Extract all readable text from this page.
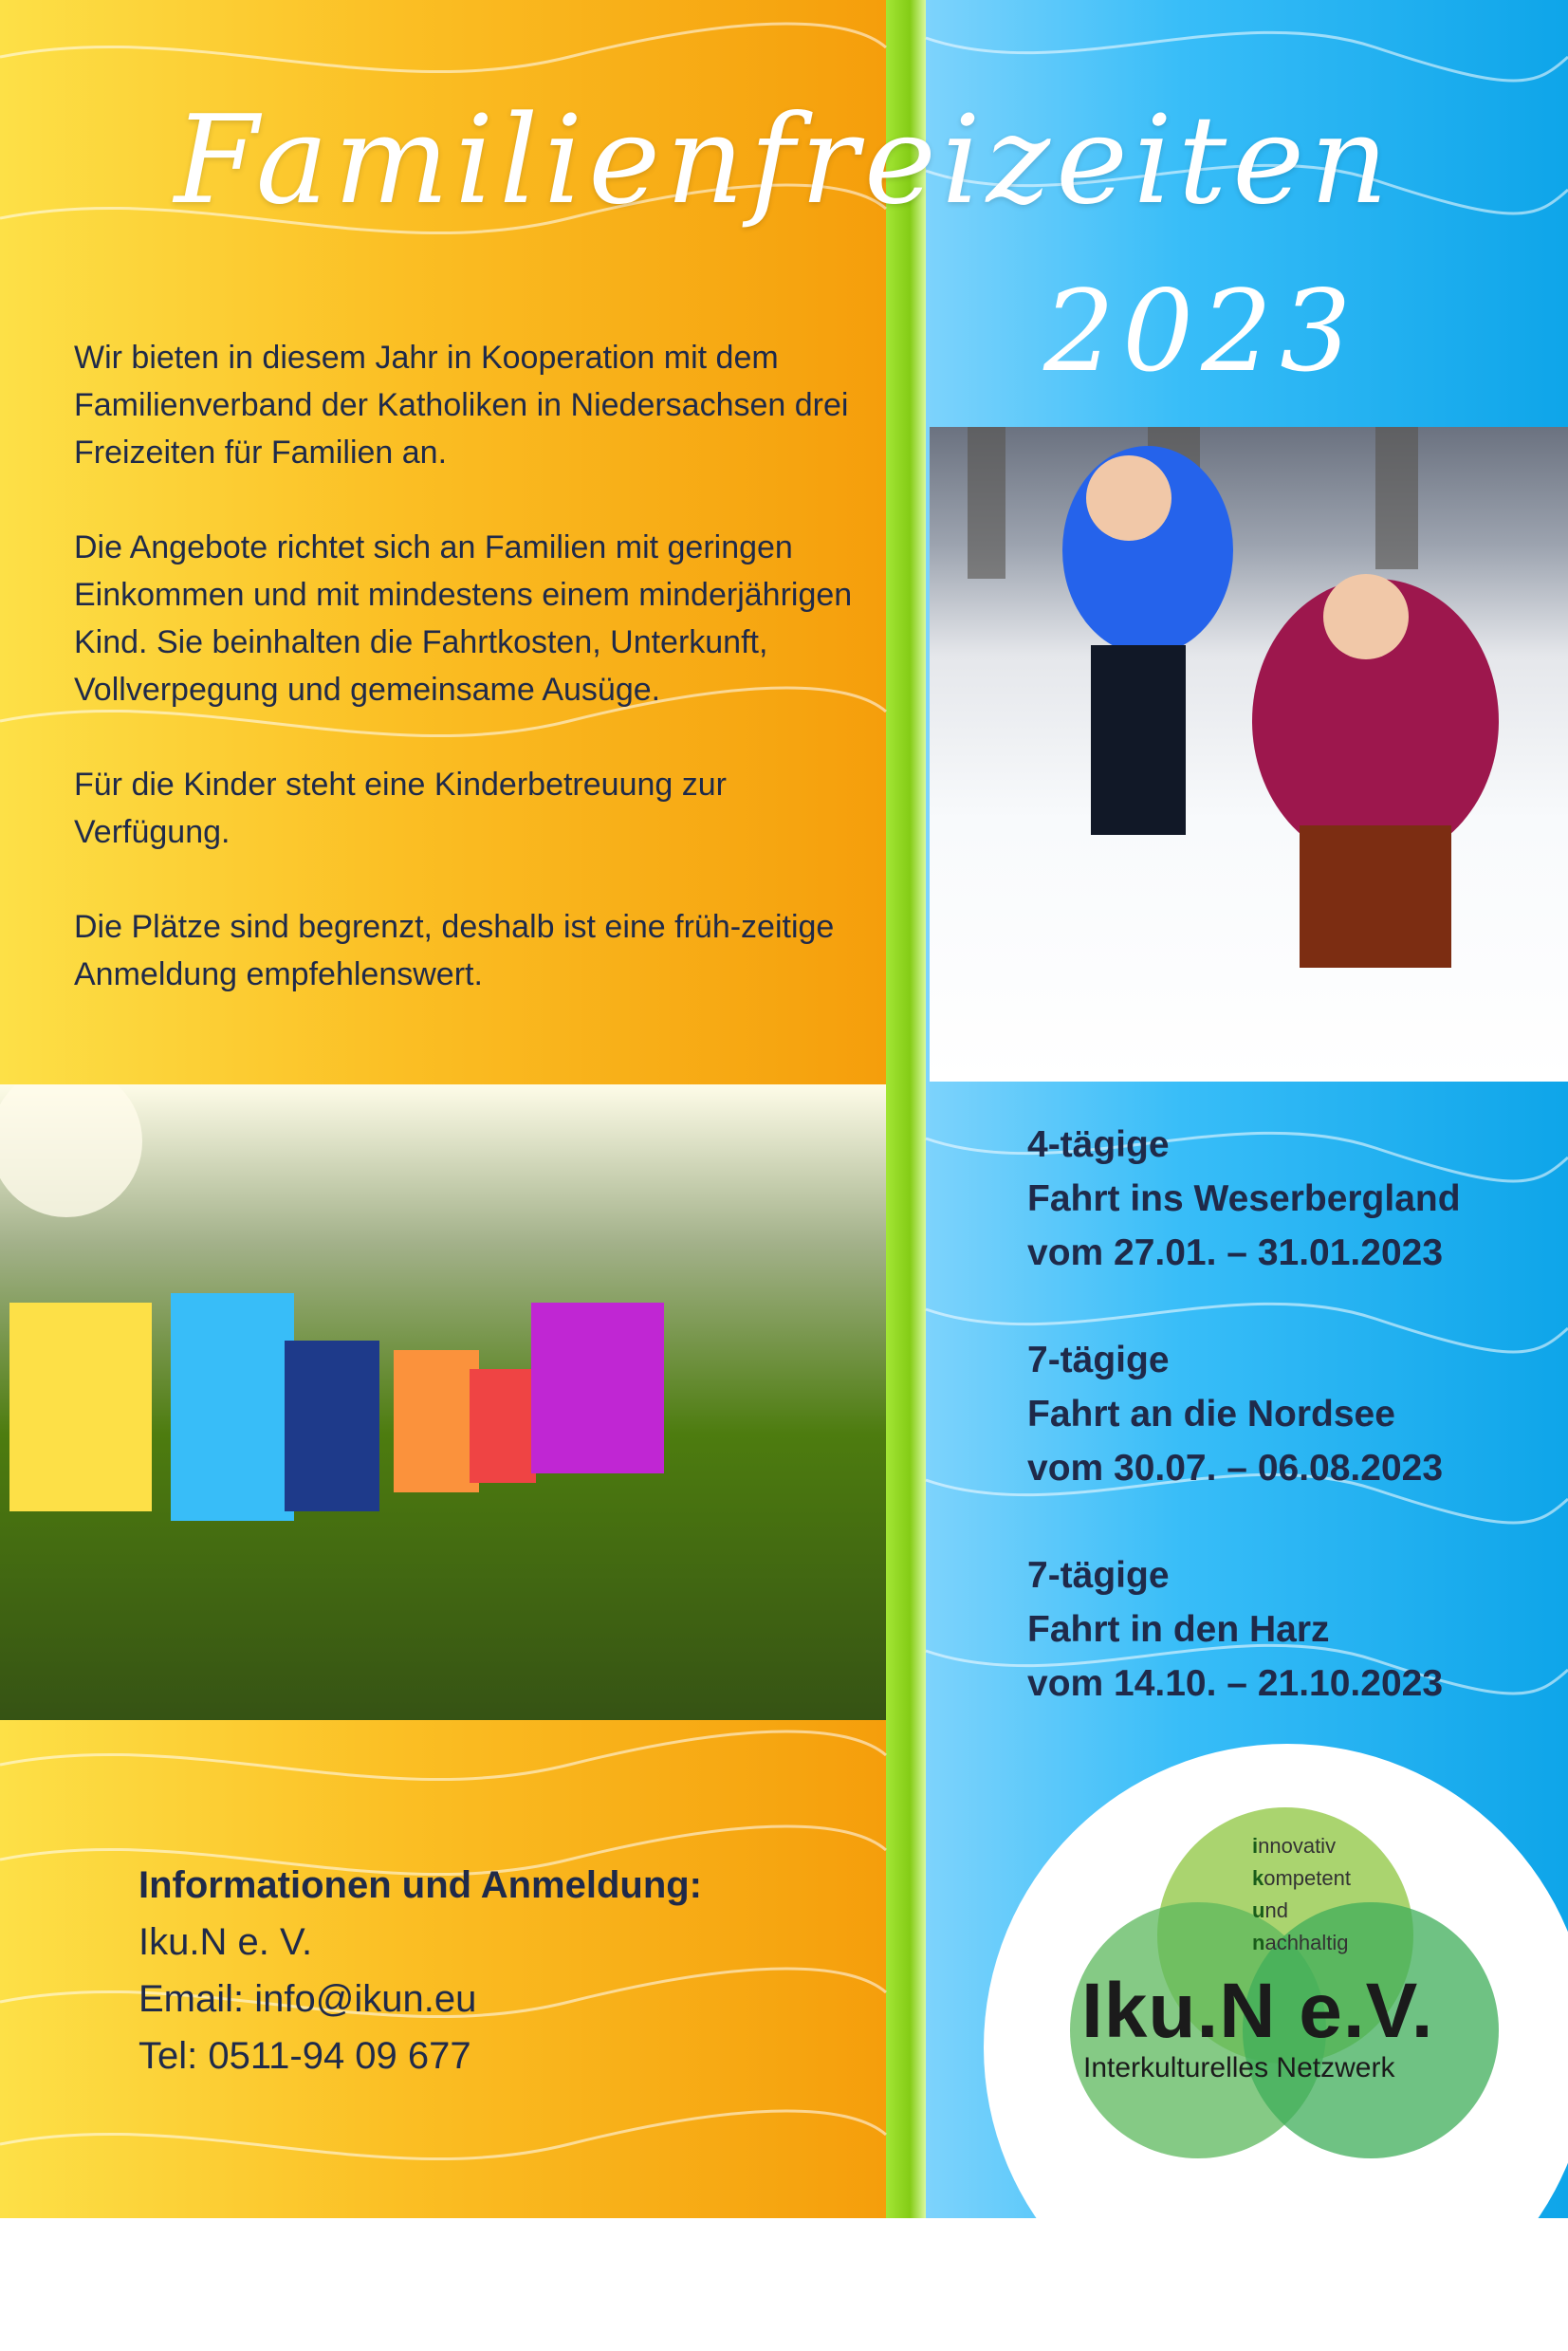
Familienfreizeiten
2023

Wir bieten in diesem Jahr in Kooperation mit dem Familienverband der Katholiken in Niedersachsen drei Freizeiten für Familien an.

Die Angebote richtet sich an Familien mit geringen Einkommen und mit mindestens einem minderjährigen Kind. Sie beinhalten die Fahrtkosten, Unterkunft, Vollverpegung und gemeinsame Ausüge.

Für die Kinder steht eine Kinderbetreuung zur Verfügung.

Die Plätze sind begrenzt, deshalb ist eine früh-zeitige Anmeldung empfehlenswert.

4-tägige
Fahrt ins Weserbergland
vom 27.01. – 31.01.2023
7-tägige
Fahrt an die Nordsee
vom 30.07. – 06.08.2023
7-tägige
Fahrt in den Harz
vom 14.10. – 21.10.2023
Informationen und Anmeldung:
Iku.N e. V.
Email: info@ikun.eu
Tel: 0511-94 09 677
innovativ
kompetent
und
nachhaltig
Iku.N e.V.
Interkulturelles Netzwerk
